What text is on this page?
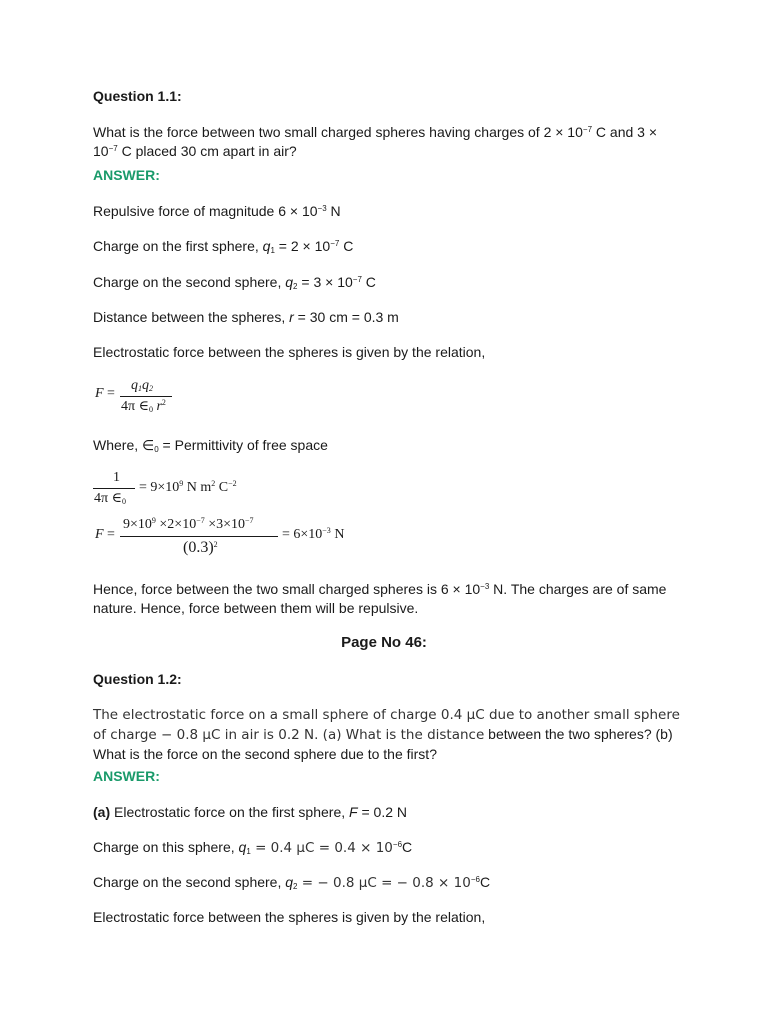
Question 1.1:
What is the force between two small charged spheres having charges of $2 \times 10^{-7}$ C and $3 \times 10^{-7}$ C placed 30 cm apart in air?
ANSWER:
Repulsive force of magnitude $6 \times 10^{-3}$ N
Charge on the first sphere, $q_1 = 2 \times 10^{-7}$ C
Charge on the second sphere, $q_2 = 3 \times 10^{-7}$ C
Distance between the spheres, r = 30 cm = 0.3 m
Electrostatic force between the spheres is given by the relation,
F =
$q_1q_2$
4π $\in_0$ $r^2$
Where, $\in_0$ = Permittivity of free space
1
4π $\in_0$
= $9\times 10^9$ N $m^2$ $C^{-2}$
F =
$9\times 10^9 \times 2\times 10^{-7} \times 3\times 10^{-7}$
$(0.3)^2$
= $6\times 10^{-3}$ N
Hence, force between the two small charged spheres is $6 \times 10^{-3}$ N. The charges are of same nature. Hence, force between them will be repulsive.
Page No 46:
Question 1.2:
The electrostatic force on a small sphere of charge 0.4 μC due to another small sphere of charge − 0.8 μC in air is 0.2 N. (a) What is the distance between the two spheres? (b) What is the force on the second sphere due to the first?
ANSWER:
(a) Electrostatic force on the first sphere, F = 0.2 N
Charge on this sphere, $q_1 = 0.4$ $\mu C = 0.4 \times 10^{-6}C$
Charge on the second sphere, $q_2$ = − 0.8 μC = − $0.8 \times 10^{-6}C$
Electrostatic force between the spheres is given by the relation,
